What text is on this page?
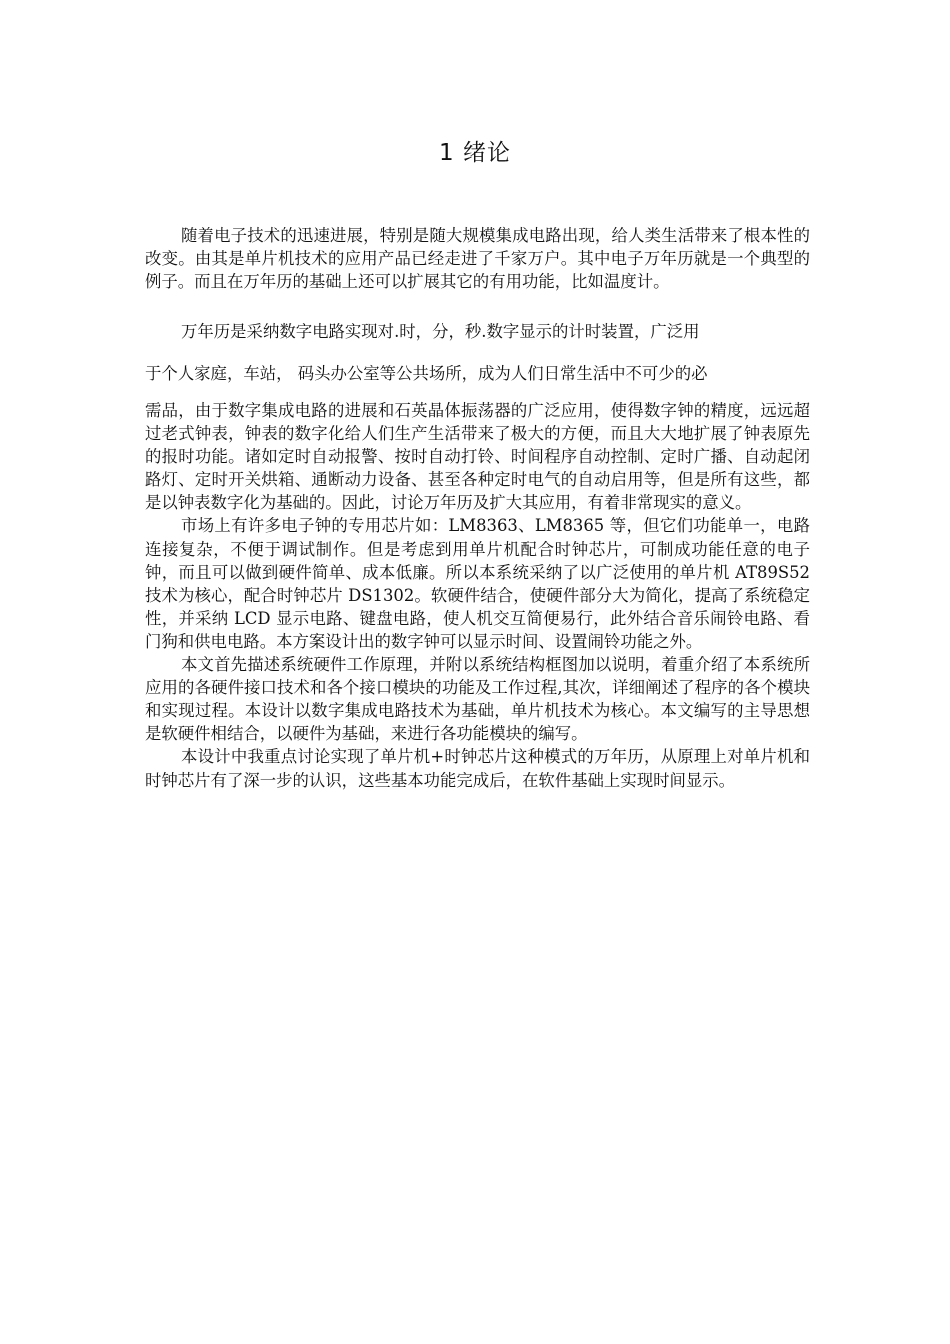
1 绪论

随着电子技术的迅速进展，特别是随大规模集成电路出现，给人类生活带来了根本性的改变。由其是单片机技术的应用产品已经走进了千家万户。其中电子万年历就是一个典型的例子。而且在万年历的基础上还可以扩展其它的有用功能，比如温度计。

万年历是采纳数字电路实现对.时，分，秒.数字显示的计时装置，广泛用

于个人家庭，车站， 码头办公室等公共场所，成为人们日常生活中不可少的必

需品，由于数字集成电路的进展和石英晶体振荡器的广泛应用，使得数字钟的精度，远远超过老式钟表，钟表的数字化给人们生产生活带来了极大的方便，而且大大地扩展了钟表原先的报时功能。诸如定时自动报警、按时自动打铃、时间程序自动控制、定时广播、自动起闭路灯、定时开关烘箱、通断动力设备、甚至各种定时电气的自动启用等，但是所有这些，都是以钟表数字化为基础的。因此，讨论万年历及扩大其应用，有着非常现实的意义。

市场上有许多电子钟的专用芯片如：LM8363、LM8365 等，但它们功能单一，电路连接复杂，不便于调试制作。但是考虑到用单片机配合时钟芯片，可制成功能任意的电子钟，而且可以做到硬件简单、成本低廉。所以本系统采纳了以广泛使用的单片机 AT89S52 技术为核心，配合时钟芯片 DS1302。软硬件结合，使硬件部分大为简化，提高了系统稳定性，并采纳 LCD 显示电路、键盘电路，使人机交互简便易行，此外结合音乐闹铃电路、看门狗和供电电路。本方案设计出的数字钟可以显示时间、设置闹铃功能之外。

本文首先描述系统硬件工作原理，并附以系统结构框图加以说明，着重介绍了本系统所应用的各硬件接口技术和各个接口模块的功能及工作过程,其次，详细阐述了程序的各个模块和实现过程。本设计以数字集成电路技术为基础，单片机技术为核心。本文编写的主导思想是软硬件相结合，以硬件为基础，来进行各功能模块的编写。

本设计中我重点讨论实现了单片机+时钟芯片这种模式的万年历，从原理上对单片机和时钟芯片有了深一步的认识，这些基本功能完成后，在软件基础上实现时间显示。
